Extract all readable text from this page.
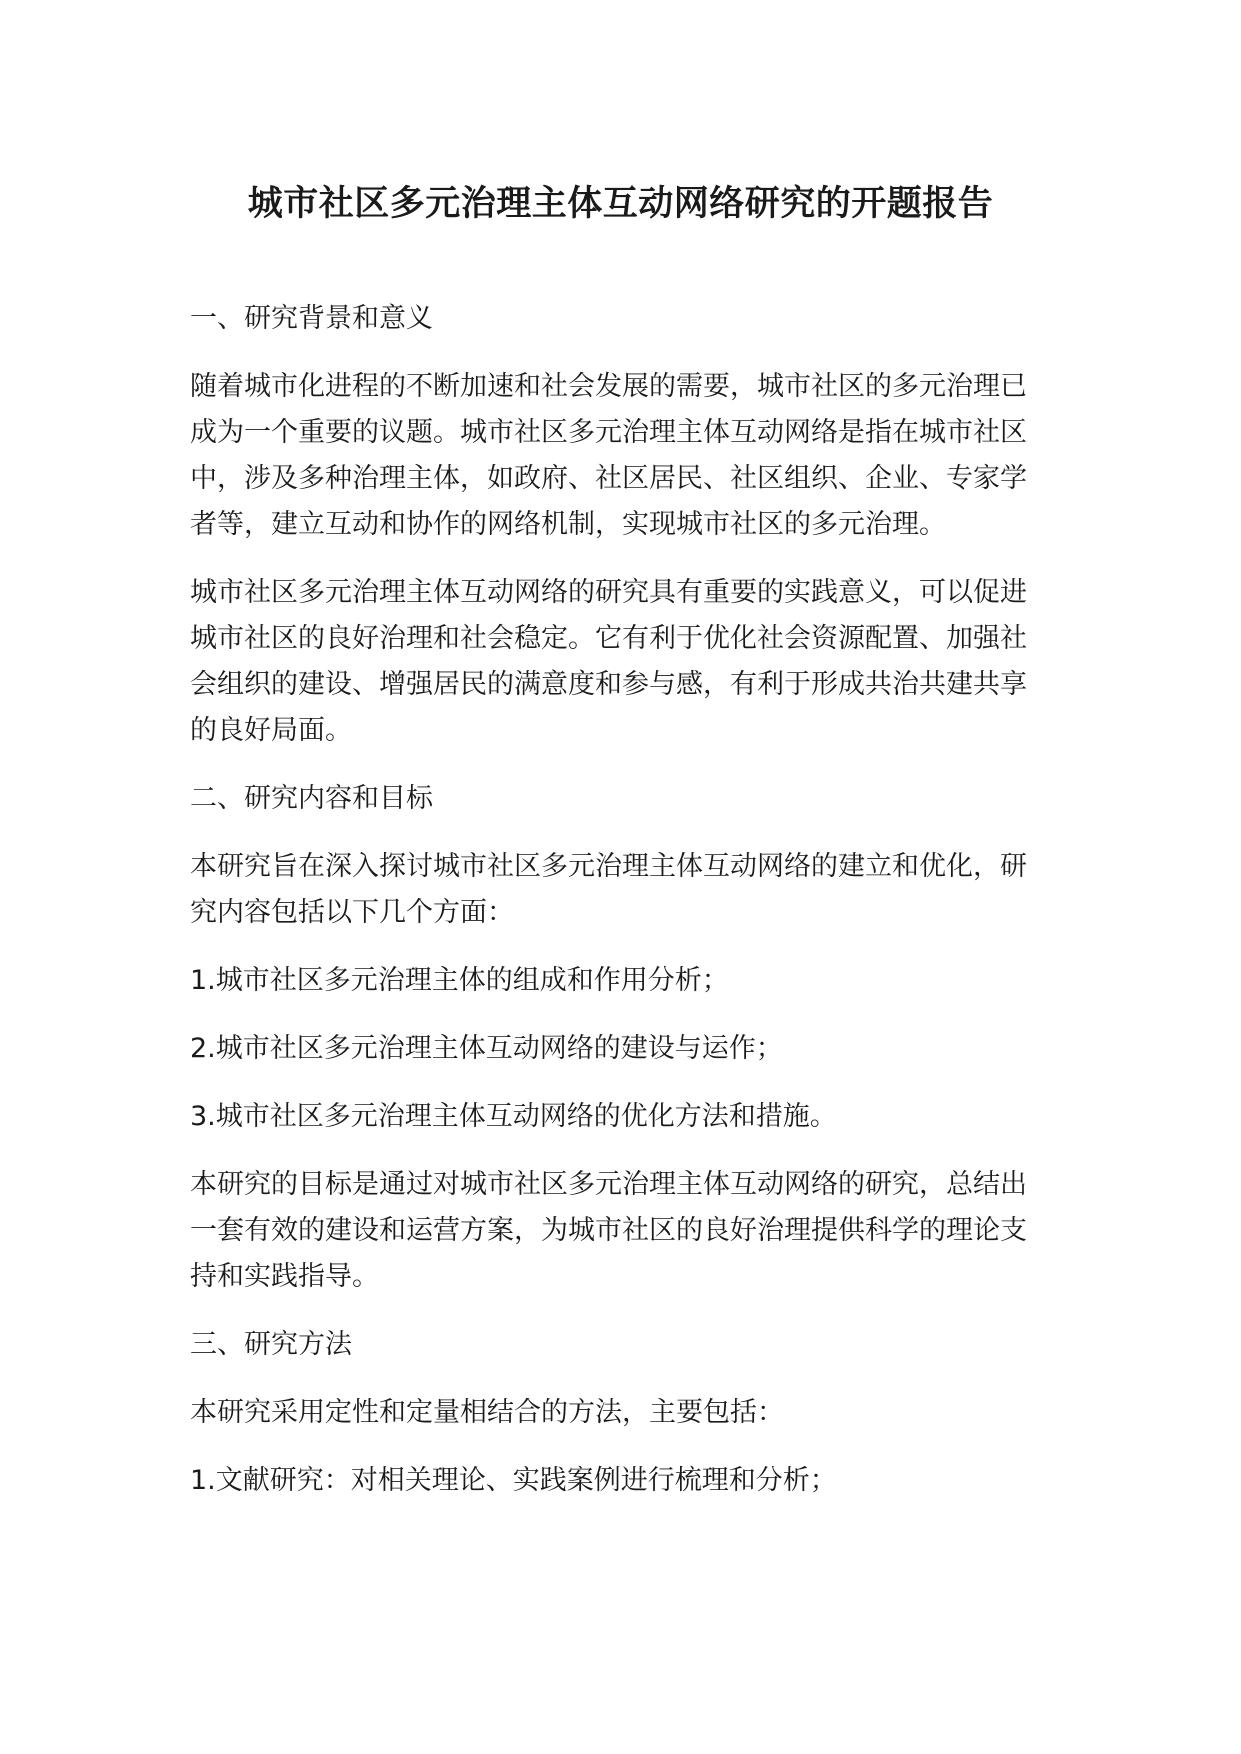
城市社区多元治理主体互动网络研究的开题报告

一、研究背景和意义

随着城市化进程的不断加速和社会发展的需要，城市社区的多元治理已成为一个重要的议题。城市社区多元治理主体互动网络是指在城市社区中，涉及多种治理主体，如政府、社区居民、社区组织、企业、专家学者等，建立互动和协作的网络机制，实现城市社区的多元治理。

城市社区多元治理主体互动网络的研究具有重要的实践意义，可以促进城市社区的良好治理和社会稳定。它有利于优化社会资源配置、加强社会组织的建设、增强居民的满意度和参与感，有利于形成共治共建共享的良好局面。

二、研究内容和目标

本研究旨在深入探讨城市社区多元治理主体互动网络的建立和优化，研究内容包括以下几个方面：

1.城市社区多元治理主体的组成和作用分析；

2.城市社区多元治理主体互动网络的建设与运作；

3.城市社区多元治理主体互动网络的优化方法和措施。

本研究的目标是通过对城市社区多元治理主体互动网络的研究，总结出一套有效的建设和运营方案，为城市社区的良好治理提供科学的理论支持和实践指导。

三、研究方法

本研究采用定性和定量相结合的方法，主要包括：

1.文献研究：对相关理论、实践案例进行梳理和分析；
